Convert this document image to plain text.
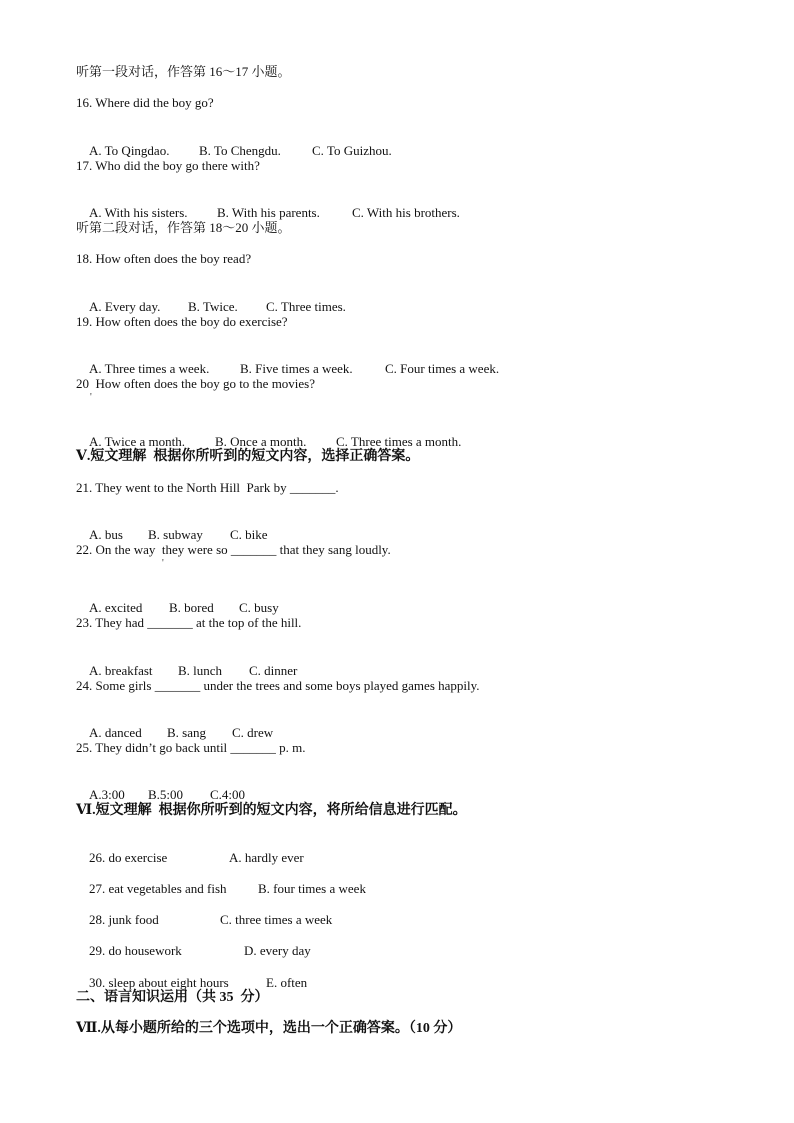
听第一段对话，作答第 16～17 小题。
16. Where did the boy go?

A. To Qingdao. B. To Chengdu. C. To Guizhou.

17. Who did the boy go there with?

A. With his sisters. B. With his parents. C. With his brothers.

听第二段对话，作答第 18～20 小题。
18. How often does the boy read?

A. Every day. B. Twice. C. Three times.

19. How often does the boy do exercise?

A. Three times a week. B. Five times a week. C. Four times a week.

20  How often does the boy go to the movies?
'

A. Twice a month. B. Once a month. C. Three times a month.

Ⅴ.短文理解  根据你所听到的短文内容，选择正确答案。
21. They went to the North Hill  Park by _______.

A. bus B. subway C. bike

22. On the way  they were so _______ that they sang loudly.
'

A. excited B. bored C. busy

23. They had _______ at the top of the hill.

A. breakfast B. lunch C. dinner

24. Some girls _______ under the trees and some boys played games happily.

A. danced B. sang C. drew

25. They didn’t go back until _______ p. m.

A.3:00 B.5:00 C.4:00

Ⅵ.短文理解  根据你所听到的短文内容，将所给信息进行匹配。

26. do exercise	A. hardly ever

27. eat vegetables and fish B. four times a week

28. junk food	C. three times a week

29. do housework	D. every day

30. sleep about eight hours	E. often

二、语言知识运用（共 35  分）
Ⅶ.从每小题所给的三个选项中，选出一个正确答案。（10 分）
